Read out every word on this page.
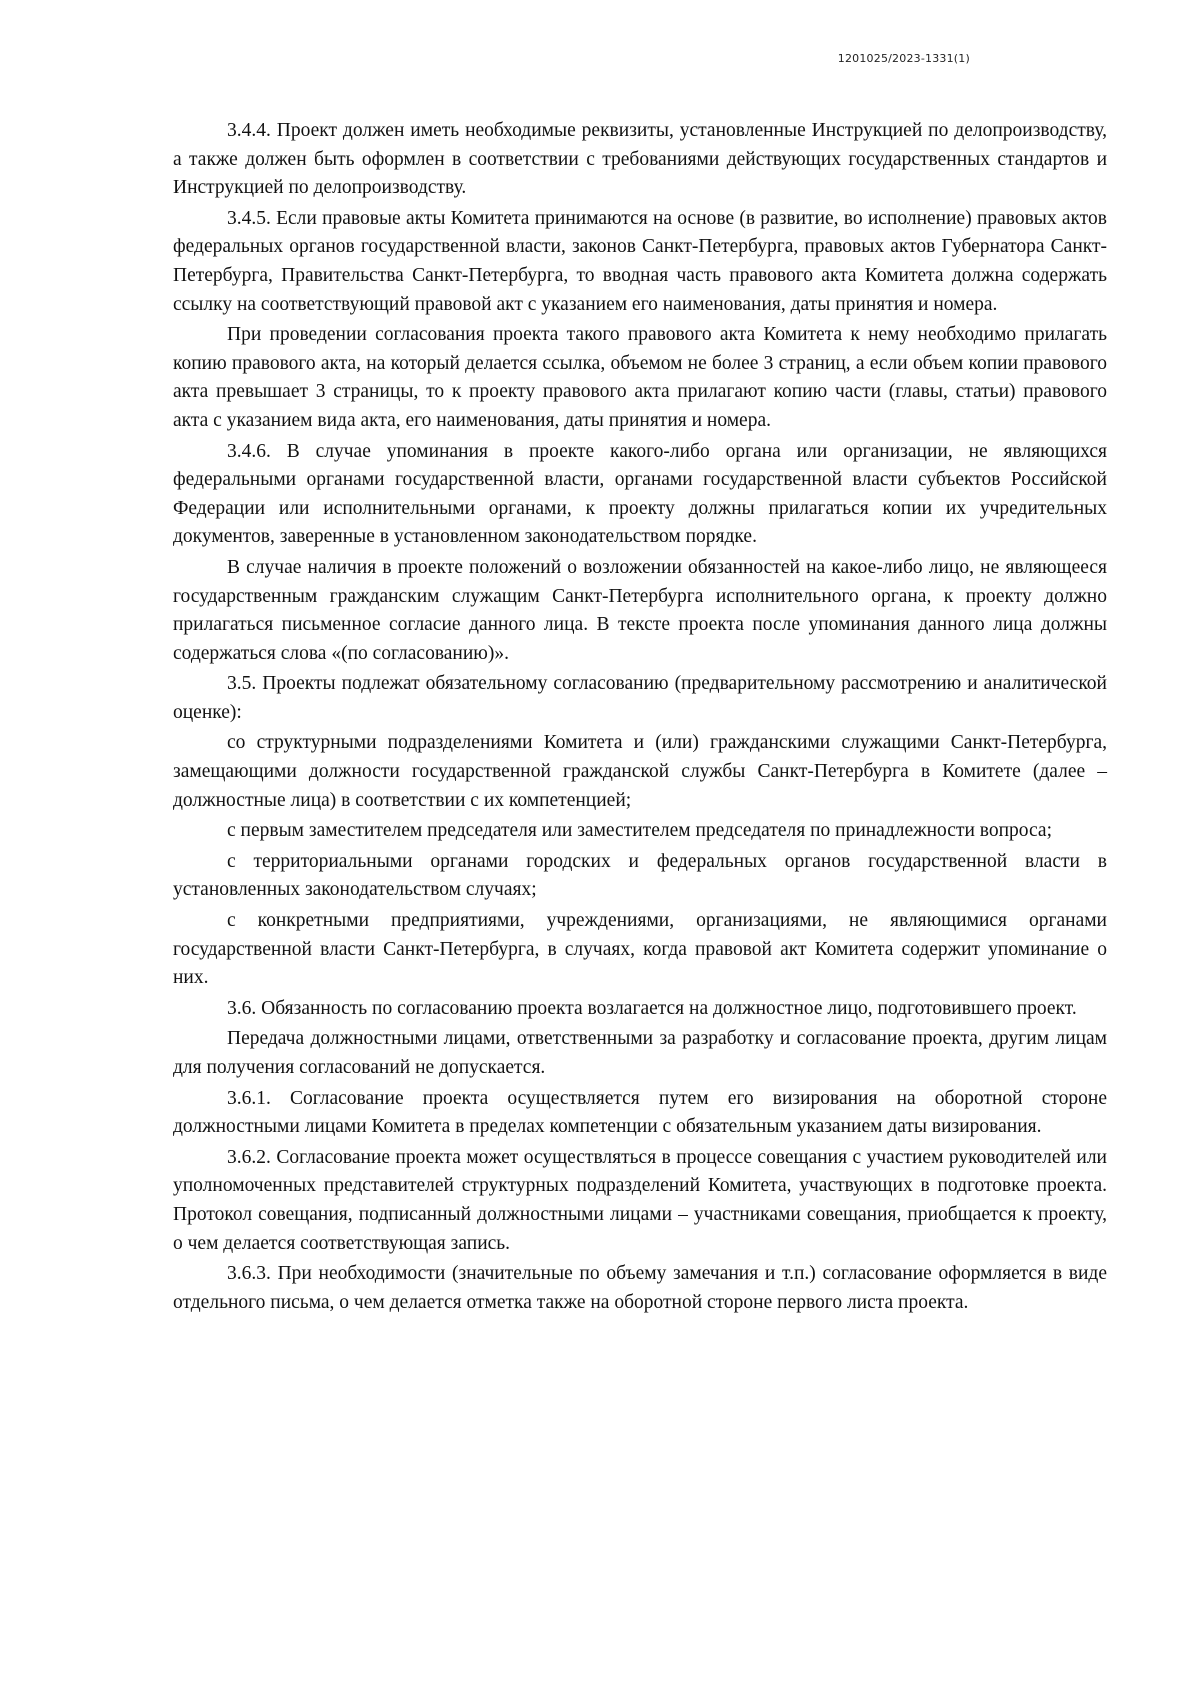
1201025/2023-1331(1)

3.4.4. Проект должен иметь необходимые реквизиты, установленные Инструкцией по делопроизводству, а также должен быть оформлен в соответствии с требованиями действующих государственных стандартов и Инструкцией по делопроизводству.

3.4.5. Если правовые акты Комитета принимаются на основе (в развитие, во исполнение) правовых актов федеральных органов государственной власти, законов Санкт-Петербурга, правовых актов Губернатора Санкт-Петербурга, Правительства Санкт-Петербурга, то вводная часть правового акта Комитета должна содержать ссылку на соответствующий правовой акт с указанием его наименования, даты принятия и номера.

При проведении согласования проекта такого правового акта Комитета к нему необходимо прилагать копию правового акта, на который делается ссылка, объемом не более 3 страниц, а если объем копии правового акта превышает 3 страницы, то к проекту правового акта прилагают копию части (главы, статьи) правового акта с указанием вида акта, его наименования, даты принятия и номера.

3.4.6. В случае упоминания в проекте какого-либо органа или организации, не являющихся федеральными органами государственной власти, органами государственной власти субъектов Российской Федерации или исполнительными органами, к проекту должны прилагаться копии их учредительных документов, заверенные в установленном законодательством порядке.

В случае наличия в проекте положений о возложении обязанностей на какое-либо лицо, не являющееся государственным гражданским служащим Санкт-Петербурга исполнительного органа, к проекту должно прилагаться письменное согласие данного лица. В тексте проекта после упоминания данного лица должны содержаться слова «(по согласованию)».

3.5. Проекты подлежат обязательному согласованию (предварительному рассмотрению и аналитической оценке):

со структурными подразделениями Комитета и (или) гражданскими служащими Санкт-Петербурга, замещающими должности государственной гражданской службы Санкт-Петербурга в Комитете (далее – должностные лица) в соответствии с их компетенцией;

с первым заместителем председателя или заместителем председателя по принадлежности вопроса;

с территориальными органами городских и федеральных органов государственной власти в установленных законодательством случаях;

с конкретными предприятиями, учреждениями, организациями, не являющимися органами государственной власти Санкт-Петербурга, в случаях, когда правовой акт Комитета содержит упоминание о них.

3.6. Обязанность по согласованию проекта возлагается на должностное лицо, подготовившего проект.

Передача должностными лицами, ответственными за разработку и согласование проекта, другим лицам для получения согласований не допускается.

3.6.1. Согласование проекта осуществляется путем его визирования на оборотной стороне должностными лицами Комитета в пределах компетенции с обязательным указанием даты визирования.

3.6.2. Согласование проекта может осуществляться в процессе совещания с участием руководителей или уполномоченных представителей структурных подразделений Комитета, участвующих в подготовке проекта. Протокол совещания, подписанный должностными лицами – участниками совещания, приобщается к проекту, о чем делается соответствующая запись.

3.6.3. При необходимости (значительные по объему замечания и т.п.) согласование оформляется в виде отдельного письма, о чем делается отметка также на оборотной стороне первого листа проекта.
